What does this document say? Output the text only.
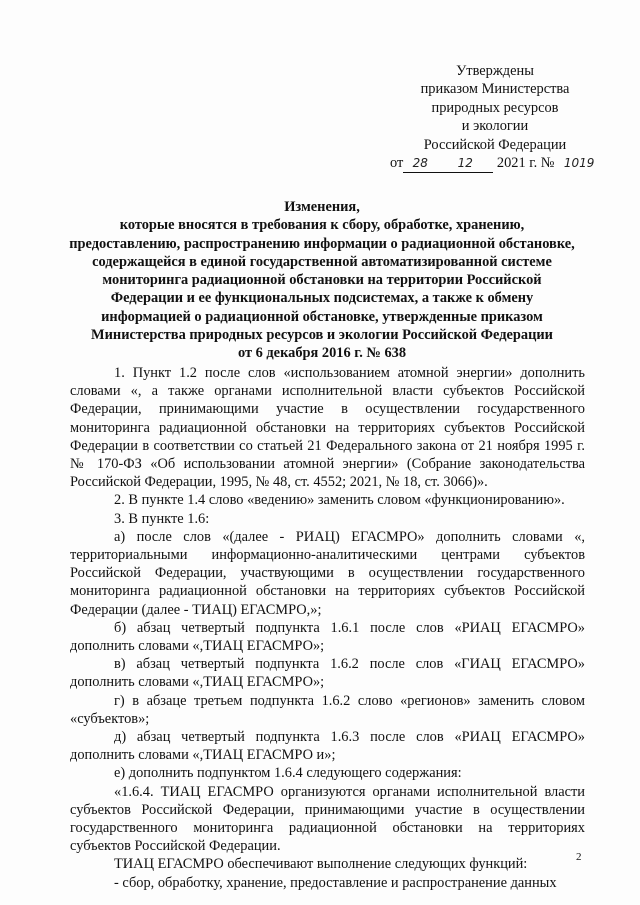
Утверждены
приказом Министерства
природных ресурсов
и экологии
Российской Федерации
от 28 12 2021 г. № 1019
Изменения,
которые вносятся в требования к сбору, обработке, хранению,
предоставлению, распространению информации о радиационной обстановке,
содержащейся в единой государственной автоматизированной системе
мониторинга радиационной обстановки на территории Российской
Федерации и ее функциональных подсистемах, а также к обмену
информацией о радиационной обстановке, утвержденные приказом
Министерства природных ресурсов и экологии Российской Федерации
от 6 декабря 2016 г. № 638

1. Пункт 1.2 после слов «использованием атомной энергии» дополнить словами «, а также органами исполнительной власти субъектов Российской Федерации, принимающими участие в осуществлении государственного мониторинга радиационной обстановки на территориях субъектов Российской Федерации в соответствии со статьей 21 Федерального закона от 21 ноября 1995 г. № 170-ФЗ «Об использовании атомной энергии» (Собрание законодательства Российской Федерации, 1995, № 48, ст. 4552; 2021, № 18, ст. 3066)».

2. В пункте 1.4 слово «ведению» заменить словом «функционированию».

3. В пункте 1.6:

а) после слов «(далее - РИАЦ) ЕГАСМРО» дополнить словами «, территориальными информационно-аналитическими центрами субъектов Российской Федерации, участвующими в осуществлении государственного мониторинга радиационной обстановки на территориях субъектов Российской Федерации (далее - ТИАЦ) ЕГАСМРО,»;

б) абзац четвертый подпункта 1.6.1 после слов «РИАЦ ЕГАСМРО» дополнить словами «,ТИАЦ ЕГАСМРО»;

в) абзац четвертый подпункта 1.6.2 после слов «ГИАЦ ЕГАСМРО» дополнить словами «,ТИАЦ ЕГАСМРО»;

г) в абзаце третьем подпункта 1.6.2 слово «регионов» заменить словом «субъектов»;

д) абзац четвертый подпункта 1.6.3 после слов «РИАЦ ЕГАСМРО» дополнить словами «,ТИАЦ ЕГАСМРО и»;

е) дополнить подпунктом 1.6.4 следующего содержания:

«1.6.4. ТИАЦ ЕГАСМРО организуются органами исполнительной власти субъектов Российской Федерации, принимающими участие в осуществлении государственного мониторинга радиационной обстановки на территориях субъектов Российской Федерации.

ТИАЦ ЕГАСМРО обеспечивают выполнение следующих функций:

- сбор, обработку, хранение, предоставление и распространение данных

2
